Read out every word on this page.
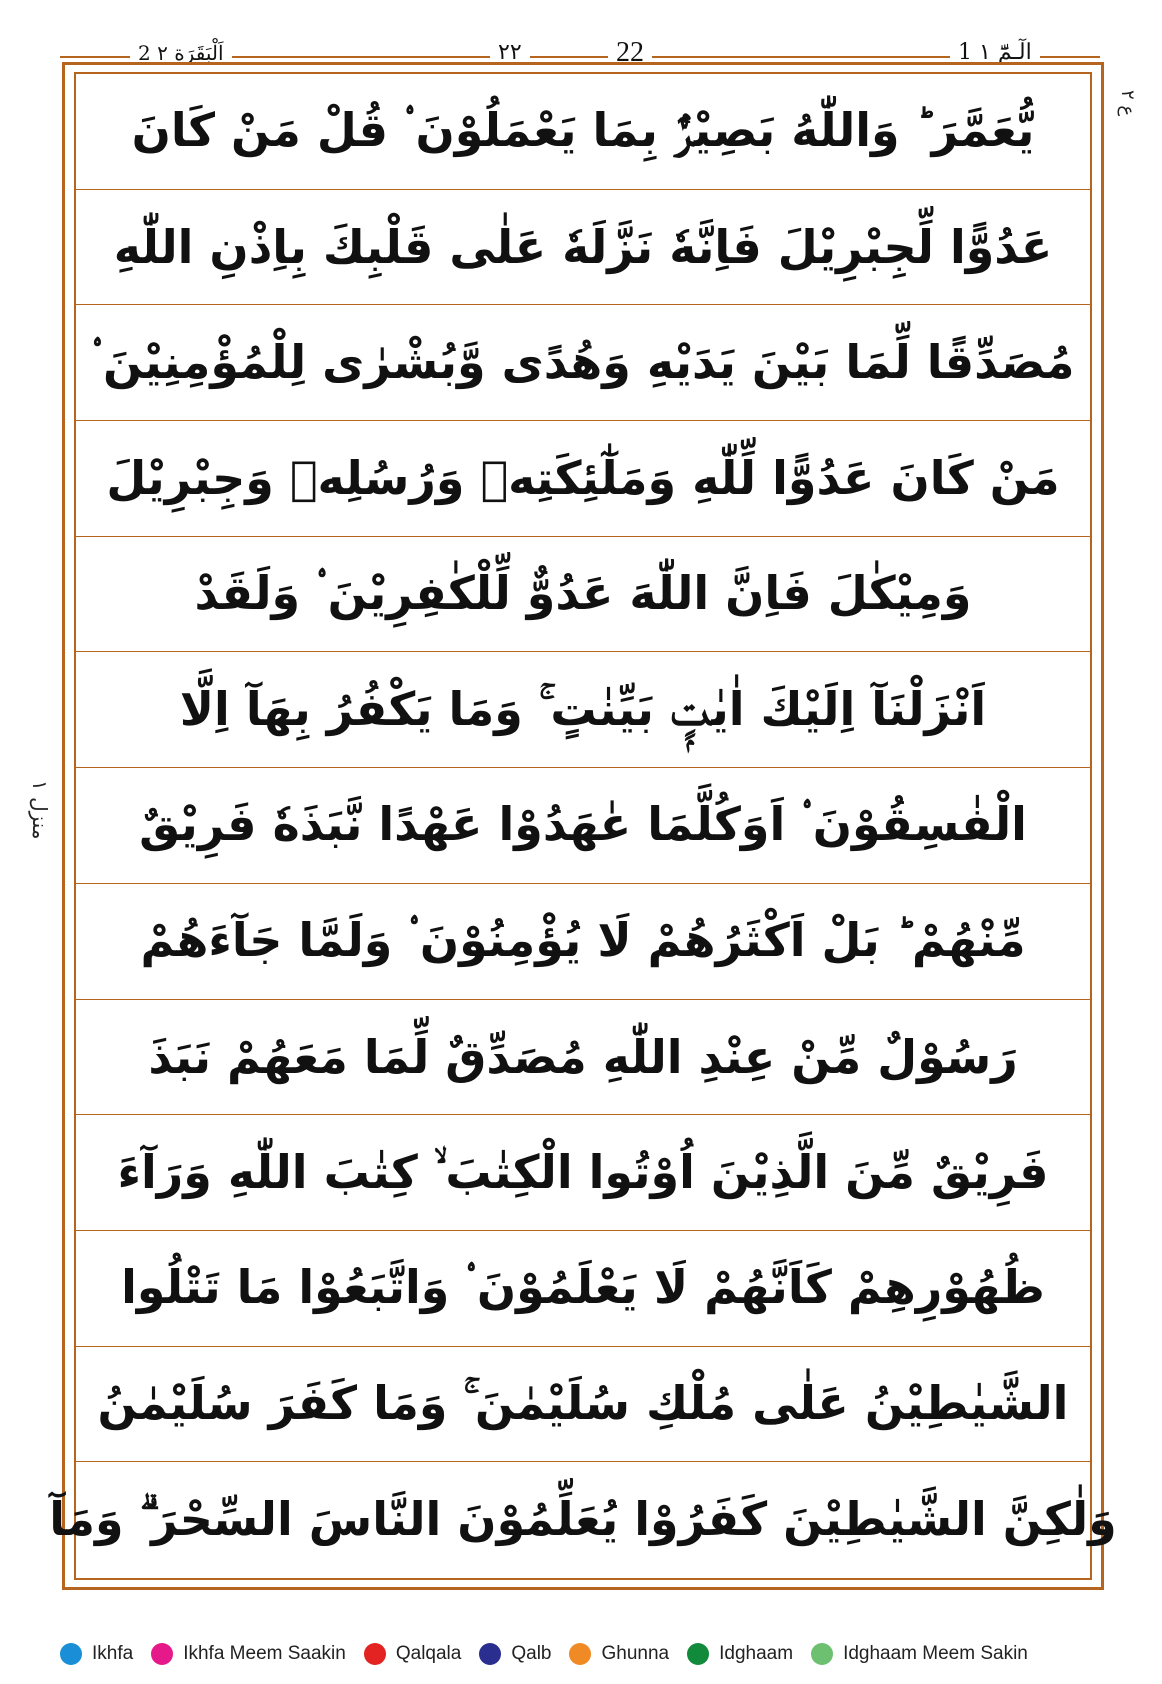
2 اَلْبَقَرَة ٢	٢٢	22	1 الٓـمّٓ ١
يُّعَمَّرَ ؕ وَاللّٰهُ بَصِيْرٌۢ بِمَا يَعْمَلُوْنَ ۟ قُلْ مَنْ كَانَ
عَدُوًّا لِّجِبْرِيْلَ فَاِنَّهٗ نَزَّلَهٗ عَلٰى قَلْبِكَ بِاِذْنِ اللّٰهِ
مُصَدِّقًا لِّمَا بَيْنَ يَدَيْهِ وَهُدًى وَّبُشْرٰى لِلْمُؤْمِنِيْنَ ۟
مَنْ كَانَ عَدُوًّا لِّلّٰهِ وَمَلٰٓئِكَتِهٖ وَرُسُلِهٖ وَجِبْرِيْلَ
وَمِيْكٰلَ فَاِنَّ اللّٰهَ عَدُوٌّ لِّلْكٰفِرِيْنَ ۟ وَلَقَدْ
اَنْزَلْنَآ اِلَيْكَ اٰيٰتٍۭ بَيِّنٰتٍ ۚ وَمَا يَكْفُرُ بِهَآ اِلَّا
الْفٰسِقُوْنَ ۟ اَوَكُلَّمَا عٰهَدُوْا عَهْدًا نَّبَذَهٗ فَرِيْقٌ
مِّنْهُمْ ؕ بَلْ اَكْثَرُهُمْ لَا يُؤْمِنُوْنَ ۟ وَلَمَّا جَآءَهُمْ
رَسُوْلٌ مِّنْ عِنْدِ اللّٰهِ مُصَدِّقٌ لِّمَا مَعَهُمْ نَبَذَ
فَرِيْقٌ مِّنَ الَّذِيْنَ اُوْتُوا الْكِتٰبَ ۙ كِتٰبَ اللّٰهِ وَرَآءَ
ظُهُوْرِهِمْ كَاَنَّهُمْ لَا يَعْلَمُوْنَ ۟ وَاتَّبَعُوْا مَا تَتْلُوا
الشَّيٰطِيْنُ عَلٰى مُلْكِ سُلَيْمٰنَ ۚ وَمَا كَفَرَ سُلَيْمٰنُ
وَلٰكِنَّ الشَّيٰطِيْنَ كَفَرُوْا يُعَلِّمُوْنَ النَّاسَ السِّحْرَ ۗ وَمَآ
منزل ١
ع ٢
Ikhfa	Ikhfa Meem Saakin	Qalqala	Qalb	Ghunna	Idghaam	Idghaam Meem Sakin
